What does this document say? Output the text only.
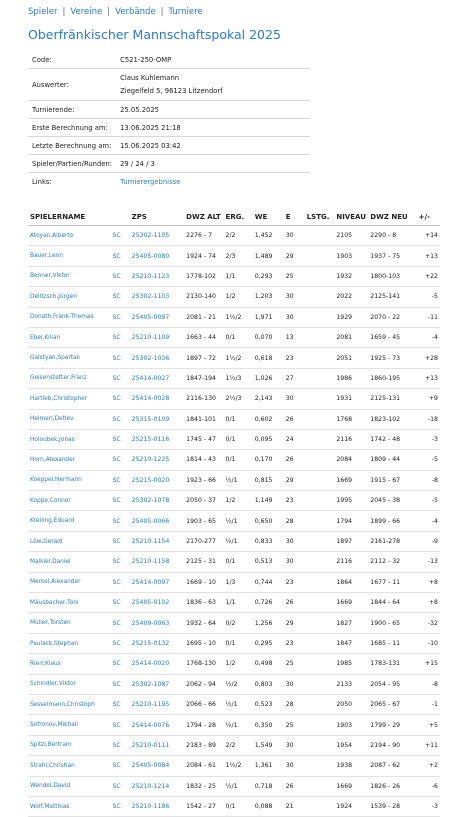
Spieler | Vereine | Verbände | Turniere
Oberfränkischer Mannschaftspokal 2025
Code:	C521-250-OMP
Auswerter:	Claus Kuhlemann
Ziegelfeld 5, 96123 Litzendorf

Turnierende:	25.05.2025
Erste Berechnung am:	13.06.2025 21:18
Letzte Berechnung am:	15.06.2025 03:42
Spieler/Partien/Runden:	29 / 24 / 3
Links:	Turnierergebnisse
SPIELERNAME		ZPS	DWZ ALT	ERG.	WE	E	LSTG.	NIVEAU	DWZ NEU	+/-
Atoyan,Alberto	SC	25302-1105	2276 - 7	2/2	1,452	30		2105	2290 - 8	+14
Bauer,Leon	SC	25405-0080	1924 - 74	2/3	1,489	29		1903	1937 - 75	+13
Benner,Viktor	SC	25210-1123	1778-102	1/1	0,293	25		1932	1800-103	+22
Delitzsch,Jürgen	SC	25302-1103	2130-140	1/2	1,203	30		2022	2125-141	-5
Donath,Frank-Thomas	SC	25405-0097	2081 - 21	1½/2	1,971	30		1929	2070 - 22	-11
Ebel,Kilian	SC	25210-1109	1663 - 44	0/1	0,070	13		2081	1659 - 45	-4
Galstyan,Spartak	SC	25302-1036	1897 - 72	1½/2	0,618	23		2051	1925 - 73	+28
Geisenstetter,Franz	SC	25414-0027	1847-194	1½/3	1,026	27		1986	1860-195	+13
Hartleb,Christopher	SC	25414-0028	2116-130	2½/3	2,143	30		1931	2125-131	+9
Heimerl,Detlev	SC	25315-0109	1841-101	0/1	0,602	26		1768	1823-102	-18
Holoubek,Jonas	SC	25215-0116	1745 - 47	0/1	0,095	24		2116	1742 - 48	-3
Horn,Alexander	SC	25210-1225	1814 - 43	0/1	0,170	26		2084	1809 - 44	-5
Koeppel,Hermann	SC	25215-0020	1923 - 66	½/1	0,815	29		1669	1915 - 67	-8
Koppe,Connor	SC	25302-1078	2050 - 37	1/2	1,149	23		1995	2045 - 38	-5
Kreiling,Eduard	SC	25405-0066	1903 - 65	½/1	0,650	28		1794	1899 - 66	-4
Löw,Gerald	SC	25210-1154	2170-277	½/1	0,833	30		1897	2161-278	-9
Malkiel,Daniel	SC	25210-1158	2125 - 31	0/1	0,513	30		2116	2112 - 32	-13
Merkel,Alexander	SC	25414-0097	1669 - 10	1/3	0,744	23		1864	1677 - 11	+8
Mäusbacher,Toni	SC	25405-0102	1836 - 63	1/1	0,726	26		1669	1844 - 64	+8
Müller,Torsten	SC	25409-0063	1932 - 64	0/2	1,256	29		1827	1900 - 65	-32
Paulack,Stephan	SC	25215-0132	1695 - 10	0/1	0,295	23		1847	1685 - 11	-10
Rieri,Klaus	SC	25414-0020	1768-130	1/2	0,498	25		1985	1783-131	+15
Schindler,Viktor	SC	25302-1087	2062 - 94	½/2	0,803	30		2133	2054 - 95	-8
Sesselmann,Christoph	SC	25210-1195	2066 - 66	½/1	0,523	28		2050	2065 - 67	-1
Sofronov,Mikhail	SC	25414-0076	1794 - 28	½/1	0,350	25		1903	1799 - 29	+5
Spitzl,Bertram	SC	25210-0111	2183 - 89	2/2	1,549	30		1954	2194 - 90	+11
Strahl,Christian	SC	25405-0084	2084 - 61	1½/2	1,361	30		1938	2087 - 62	+2
Wendel,David	SC	25210-1214	1832 - 25	½/1	0,718	26		1669	1826 - 26	-6
Wolf,Matthias	SC	25210-1186	1542 - 27	0/1	0,088	21		1924	1539 - 28	-3
